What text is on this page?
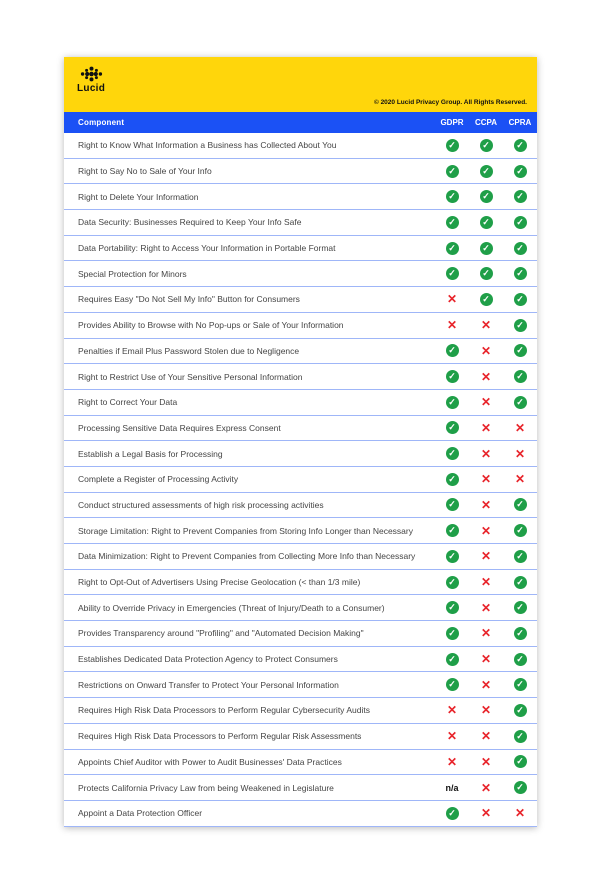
Lucid
© 2020 Lucid Privacy Group. All Rights Reserved.
Component	GDPR	CCPA	CPRA
Right to Know What Information a Business has Collected About You	✓	✓	✓
Right to Say No to Sale of Your Info	✓	✓	✓
Right to Delete Your Information	✓	✓	✓
Data Security: Businesses Required to Keep Your Info Safe	✓	✓	✓
Data Portability: Right to Access Your Information in Portable Format	✓	✓	✓
Special Protection for Minors	✓	✓	✓
Requires Easy "Do Not Sell My Info" Button for Consumers	✕	✓	✓
Provides Ability to Browse with No Pop-ups or Sale of Your Information	✕ ✕	✓
Penalties if Email Plus Password Stolen due to Negligence	✓ ✕	✓
Right to Restrict Use of Your Sensitive Personal Information	✓ ✕	✓
Right to Correct Your Data	✓ ✕	✓
Processing Sensitive Data Requires Express Consent	✓ ✕ ✕
Establish a Legal Basis for Processing	✓ ✕ ✕
Complete a Register of Processing Activity	✓ ✕ ✕
Conduct structured assessments of high risk processing activities	✓ ✕	✓
Storage Limitation: Right to Prevent Companies from Storing Info Longer than Necessary	✓ ✕	✓
Data Minimization: Right to Prevent Companies from Collecting More Info than Necessary	✓ ✕	✓
Right to Opt-Out of Advertisers Using Precise Geolocation (< than 1/3 mile)	✓ ✕	✓
Ability to Override Privacy in Emergencies (Threat of Injury/Death to a Consumer)	✓ ✕	✓
Provides Transparency around "Profiling" and "Automated Decision Making"	✓ ✕	✓
Establishes Dedicated Data Protection Agency to Protect Consumers	✓ ✕	✓
Restrictions on Onward Transfer to Protect Your Personal Information	✓ ✕	✓
Requires High Risk Data Processors to Perform Regular Cybersecurity Audits	✕ ✕	✓
Requires High Risk Data Processors to Perform Regular Risk Assessments	✕ ✕	✓
Appoints Chief Auditor with Power to Audit Businesses' Data Practices	✕ ✕	✓
Protects California Privacy Law from being Weakened in Legislature	n/a ✕	✓
Appoint a Data Protection Officer	✓ ✕ ✕
